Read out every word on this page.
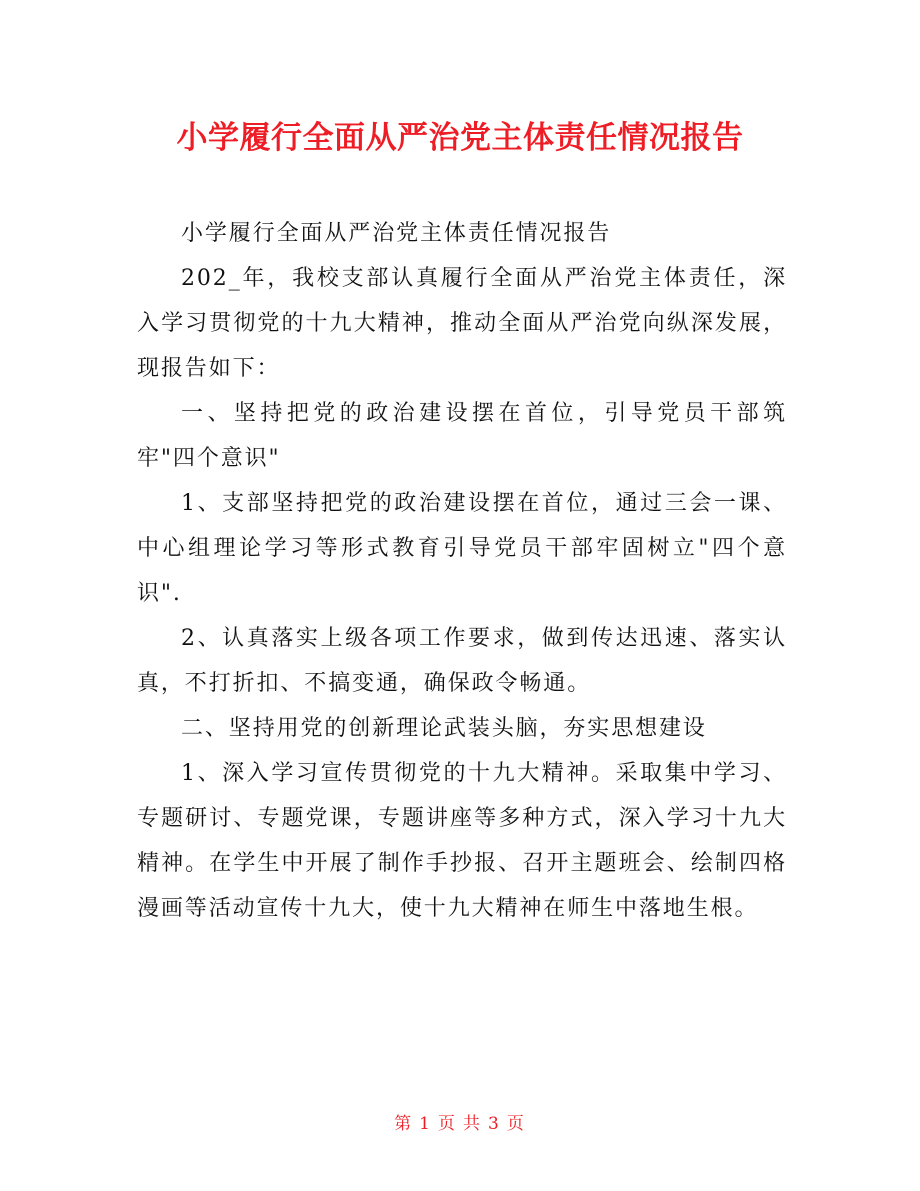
小学履行全面从严治党主体责任情况报告

小学履行全面从严治党主体责任情况报告

202_年，我校支部认真履行全面从严治党主体责任，深入学习贯彻党的十九大精神，推动全面从严治党向纵深发展，现报告如下：

一、坚持把党的政治建设摆在首位，引导党员干部筑牢"四个意识"

1、支部坚持把党的政治建设摆在首位，通过三会一课、中心组理论学习等形式教育引导党员干部牢固树立"四个意识".

2、认真落实上级各项工作要求，做到传达迅速、落实认真，不打折扣、不搞变通，确保政令畅通。

二、坚持用党的创新理论武装头脑，夯实思想建设

1、深入学习宣传贯彻党的十九大精神。采取集中学习、专题研讨、专题党课，专题讲座等多种方式，深入学习十九大精神。在学生中开展了制作手抄报、召开主题班会、绘制四格漫画等活动宣传十九大，使十九大精神在师生中落地生根。

第 1 页 共 3 页
